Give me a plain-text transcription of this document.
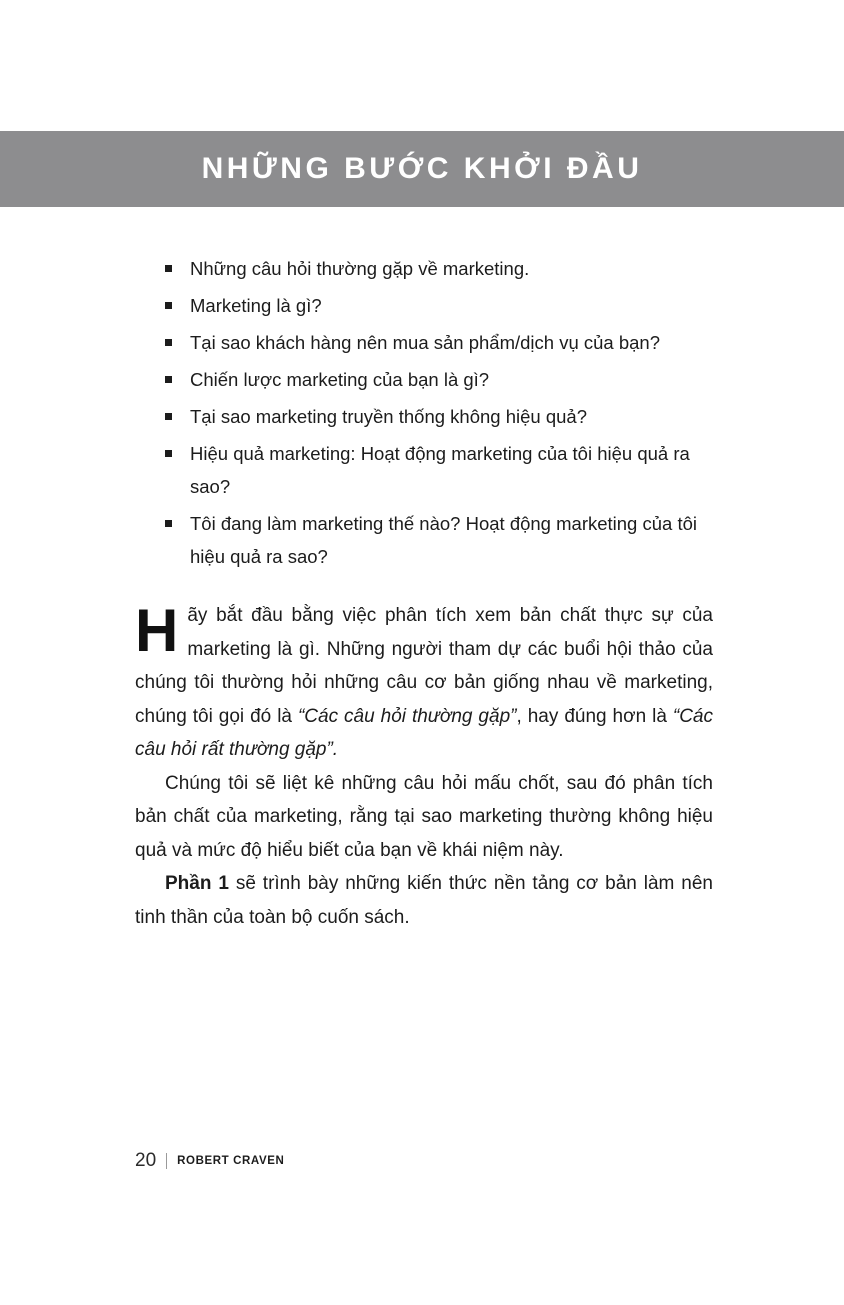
NHỮNG BƯỚC KHỞI ĐẦU
Những câu hỏi thường gặp về marketing.
Marketing là gì?
Tại sao khách hàng nên mua sản phẩm/dịch vụ của bạn?
Chiến lược marketing của bạn là gì?
Tại sao marketing truyền thống không hiệu quả?
Hiệu quả marketing: Hoạt động marketing của tôi hiệu quả ra sao?
Tôi đang làm marketing thế nào? Hoạt động marketing của tôi hiệu quả ra sao?

Hãy bắt đầu bằng việc phân tích xem bản chất thực sự của marketing là gì. Những người tham dự các buổi hội thảo của chúng tôi thường hỏi những câu cơ bản giống nhau về marketing, chúng tôi gọi đó là “Các câu hỏi thường gặp”, hay đúng hơn là “Các câu hỏi rất thường gặp”.

Chúng tôi sẽ liệt kê những câu hỏi mấu chốt, sau đó phân tích bản chất của marketing, rằng tại sao marketing thường không hiệu quả và mức độ hiểu biết của bạn về khái niệm này.

Phần 1 sẽ trình bày những kiến thức nền tảng cơ bản làm nên tinh thần của toàn bộ cuốn sách.

20 ROBERT CRAVEN
